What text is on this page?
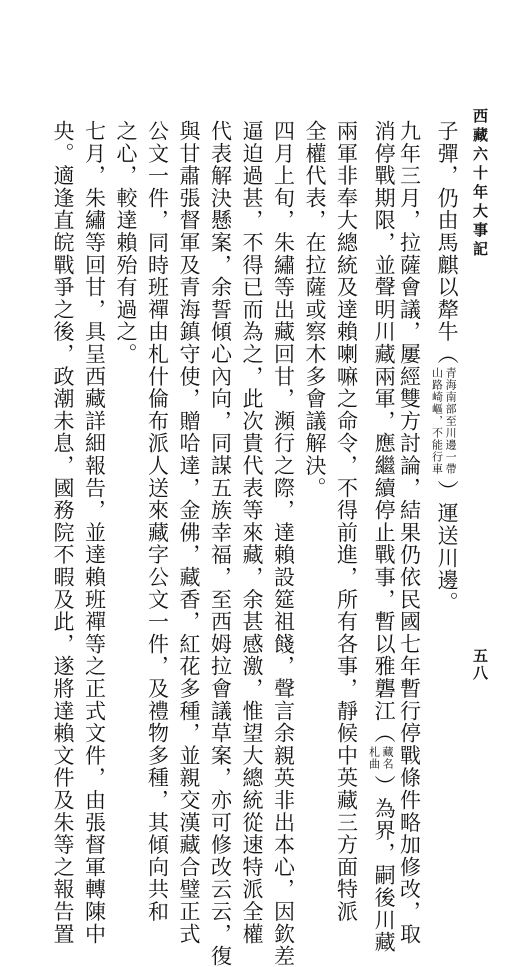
西藏六十年大事記
五八
子彈，仍由馬麒以犛牛（山路崎嶇，不能行車青海南部至川邊一帶）運送川邊。
九年三月，拉薩會議，屢經雙方討論，結果仍依民國七年暫行停戰條件略加修改，取
消停戰期限，並聲明川藏兩軍，應繼續停止戰事，暫以雅礱江（札曲藏名）為界，嗣後川藏
兩軍非奉大總統及達賴喇嘛之命令，不得前進，所有各事，靜候中英藏三方面特派
全權代表，在拉薩或察木多會議解決。
四月上旬，朱繡等出藏回甘，瀕行之際，達賴設筵祖餞，聲言余親英非出本心，因欽差
逼迫過甚，不得已而為之，此次貴代表等來藏，余甚感激，惟望大總統從速特派全權
代表解決懸案，余誓傾心內向，同謀五族幸福，至西姆拉會議草案，亦可修改云云，復
與甘肅張督軍及青海鎮守使，贈哈達，金佛，藏香，紅花多種，並親交漢藏合璧正式
公文一件，同時班禪由札什倫布派人送來藏字公文一件，及禮物多種，其傾向共和
之心，較達賴殆有過之。
七月，朱繡等回甘，具呈西藏詳細報告，並達賴班禪等之正式文件，由張督軍轉陳中
央。適逢直皖戰爭之後，政潮未息，國務院不暇及此，遂將達賴文件及朱等之報告置
